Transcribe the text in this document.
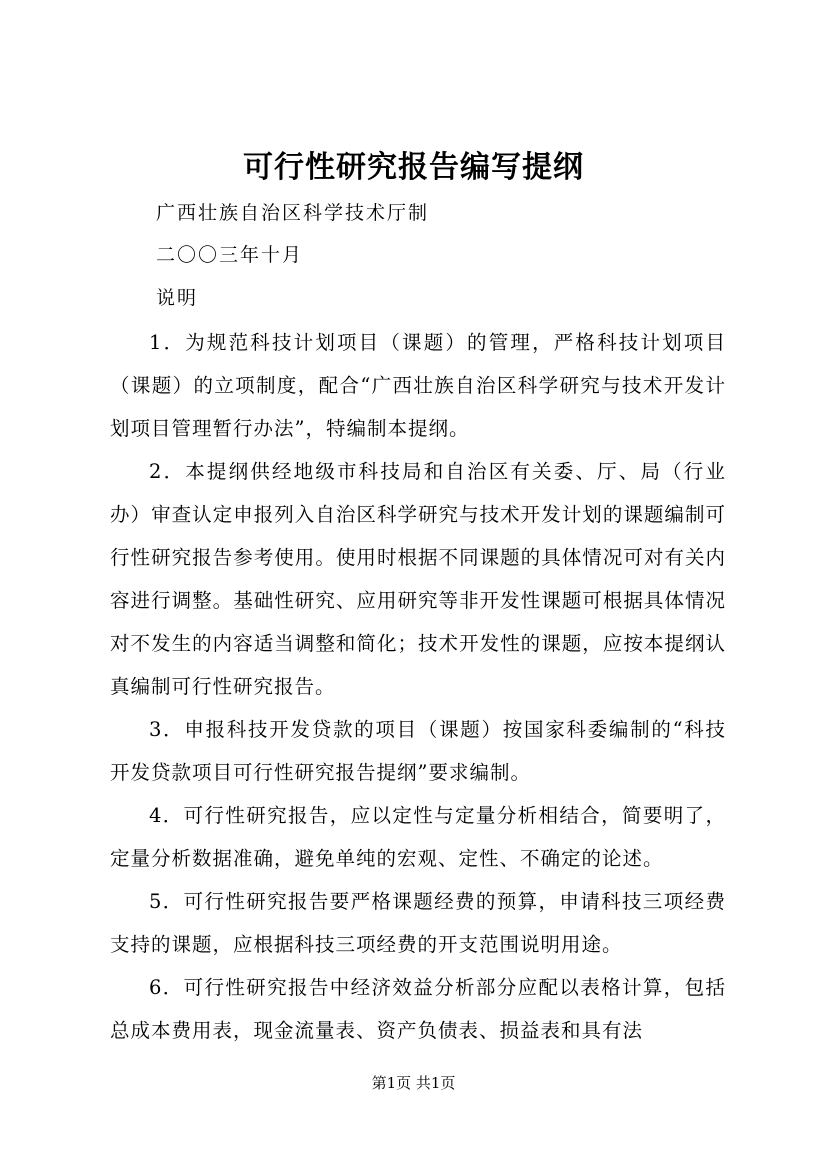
可行性研究报告编写提纲
广西壮族自治区科学技术厅制
二〇〇三年十月
说明

1．为规范科技计划项目（课题）的管理，严格科技计划项目（课题）的立项制度，配合“广西壮族自治区科学研究与技术开发计划项目管理暂行办法”，特编制本提纲。

2．本提纲供经地级市科技局和自治区有关委、厅、局（行业办）审查认定申报列入自治区科学研究与技术开发计划的课题编制可行性研究报告参考使用。使用时根据不同课题的具体情况可对有关内容进行调整。基础性研究、应用研究等非开发性课题可根据具体情况对不发生的内容适当调整和简化；技术开发性的课题，应按本提纲认真编制可行性研究报告。

3．申报科技开发贷款的项目（课题）按国家科委编制的“科技开发贷款项目可行性研究报告提纲”要求编制。

4．可行性研究报告，应以定性与定量分析相结合，简要明了，定量分析数据准确，避免单纯的宏观、定性、不确定的论述。

5．可行性研究报告要严格课题经费的预算，申请科技三项经费支持的课题，应根据科技三项经费的开支范围说明用途。

6．可行性研究报告中经济效益分析部分应配以表格计算，包括总成本费用表，现金流量表、资产负债表、损益表和具有法

第1页 共1页
